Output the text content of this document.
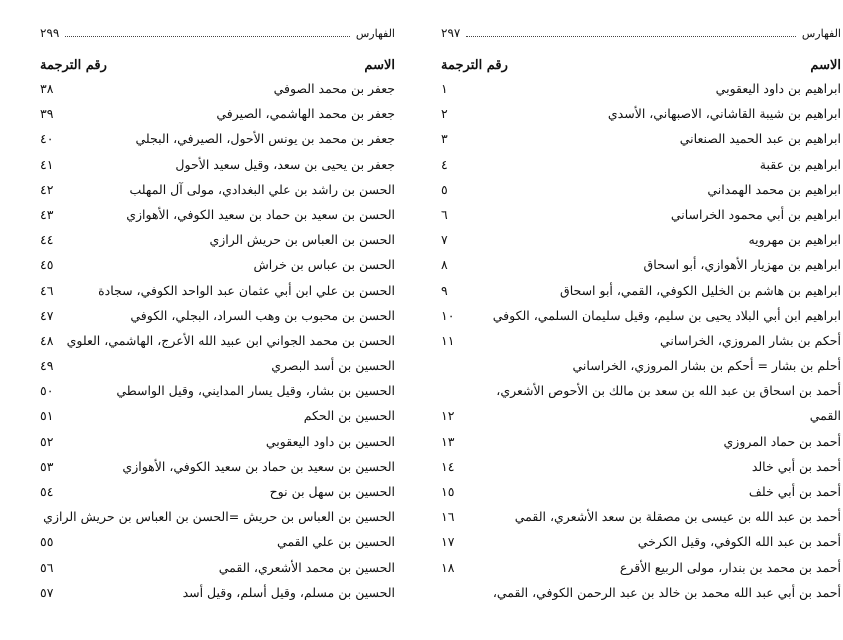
الفهارس
٢٩٩
الاسم
رقم الترجمة
جعفر بن محمد الصوفي
٣٨
جعفر بن محمد الهاشمي، الصيرفي
٣٩
جعفر بن محمد بن يونس الأحول، الصيرفي، البجلي
٤٠
جعفر بن يحيى بن سعد، وقيل سعيد الأحول
٤١
الحسن بن راشد بن علي البغدادي، مولى آل المهلب
٤٢
الحسن بن سعيد بن حماد بن سعيد الكوفي، الأهوازي
٤٣
الحسن بن العباس بن حريش الرازي
٤٤
الحسن بن عباس بن خراش
٤٥
الحسن بن علي ابن أبي عثمان عبد الواحد الكوفي، سجادة
٤٦
الحسن بن محبوب بن وهب السراد، البجلي، الكوفي
٤٧
الحسن بن محمد الجواني ابن عبيد الله الأعرج، الهاشمي، العلوي
٤٨
الحسين بن أسد البصري
٤٩
الحسين بن بشار، وقيل يسار المدايني، وقيل الواسطي
٥٠
الحسين بن الحكم
٥١
الحسين بن داود اليعقوبي
٥٢
الحسين بن سعيد بن حماد بن سعيد الكوفي، الأهوازي
٥٣
الحسين بن سهل بن نوح
٥٤
الحسين بن العباس بن حريش =الحسن بن العباس بن حريش الرازي
الحسين بن علي القمي
٥٥
الحسين بن محمد الأشعري، القمي
٥٦
الحسين بن مسلم، وقيل أسلم، وقيل أسد
٥٧
الفهارس
٢٩٧
الاسم
رقم الترجمة
ابراهيم بن داود اليعقوبي
١
ابراهيم بن شيبة القاشاني، الاصبهاني، الأسدي
٢
ابراهيم بن عبد الحميد الصنعاني
٣
ابراهيم بن عقبة
٤
ابراهيم بن محمد الهمداني
٥
ابراهيم بن أبي محمود الخراساني
٦
ابراهيم بن مهرويه
٧
ابراهيم بن مهزيار الأهوازي، أبو اسحاق
٨
ابراهيم بن هاشم بن الخليل الكوفي، القمي، أبو اسحاق
٩
ابراهيم ابن أبي البلاد يحيى بن سليم، وقيل سليمان السلمي، الكوفي
١٠
أحكم بن بشار المروزي، الخراساني
١١
أحلم بن بشار = أحكم بن بشار المروزي، الخراساني
أحمد بن اسحاق بن عبد الله بن سعد بن مالك بن الأحوص الأشعري،
القمي
١٢
أحمد بن حماد المروزي
١٣
أحمد بن أبي خالد
١٤
أحمد بن أبي خلف
١٥
أحمد بن عبد الله بن عيسى بن مصقلة بن سعد الأشعري، القمي
١٦
أحمد بن عبد الله الكوفي، وقيل الكرخي
١٧
أحمد بن محمد بن بندار، مولى الربيع الأقرع
١٨
أحمد بن أبي عبد الله محمد بن خالد بن عبد الرحمن الكوفي، القمي،
